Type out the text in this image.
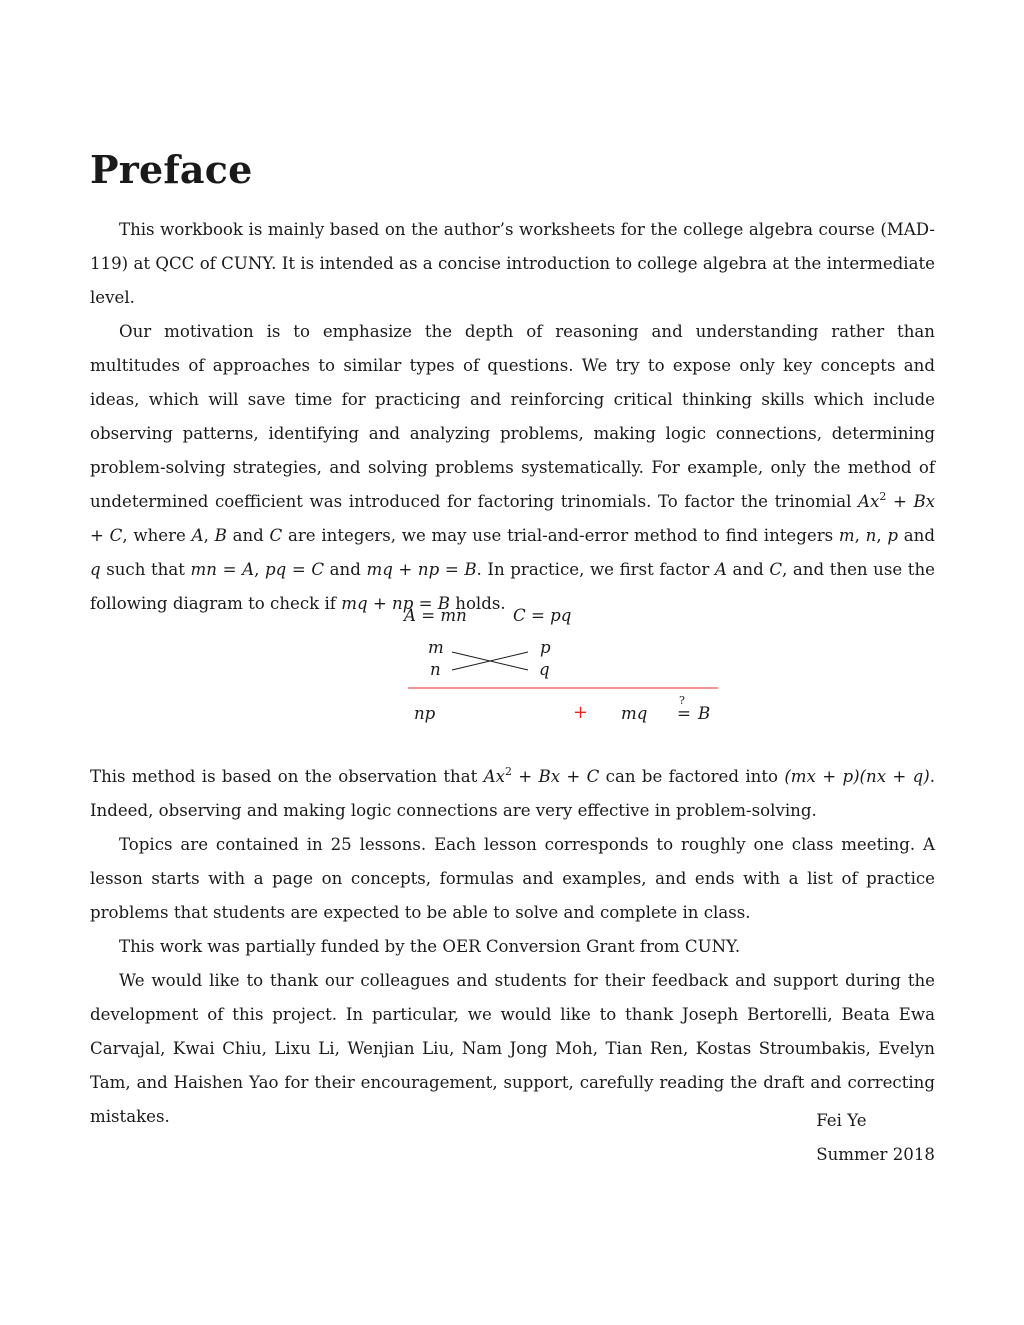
Preface

This workbook is mainly based on the author’s worksheets for the college algebra course (MAD-119) at QCC of CUNY. It is intended as a concise introduction to college algebra at the intermediate level.

Our motivation is to emphasize the depth of reasoning and understanding rather than multitudes of approaches to similar types of questions. We try to expose only key concepts and ideas, which will save time for practicing and reinforcing critical thinking skills which include observing patterns, identifying and analyzing problems, making logic connections, determining problem-solving strategies, and solving problems systematically. For example, only the method of undetermined coefficient was introduced for factoring trinomials. To factor the trinomial $Ax^2 + Bx + C$, where A, B and C are integers, we may use trial-and-error method to find integers m, n, p and q such that mn = A, pq = C and mq + np = B. In practice, we first factor A and C, and then use the following diagram to check if mq + np = B holds.

A = mn	C = pq
m	p
n	q
np	+ mq
?
= B

This method is based on the observation that $Ax^2 + Bx + C$ can be factored into (mx + p)(nx + q). Indeed, observing and making logic connections are very effective in problem-solving.

Topics are contained in 25 lessons. Each lesson corresponds to roughly one class meeting. A lesson starts with a page on concepts, formulas and examples, and ends with a list of practice problems that students are expected to be able to solve and complete in class.

This work was partially funded by the OER Conversion Grant from CUNY.

We would like to thank our colleagues and students for their feedback and support during the development of this project. In particular, we would like to thank Joseph Bertorelli, Beata Ewa Carvajal, Kwai Chiu, Lixu Li, Wenjian Liu, Nam Jong Moh, Tian Ren, Kostas Stroumbakis, Evelyn Tam, and Haishen Yao for their encouragement, support, carefully reading the draft and correcting mistakes.	Fei Ye
Summer 2018
